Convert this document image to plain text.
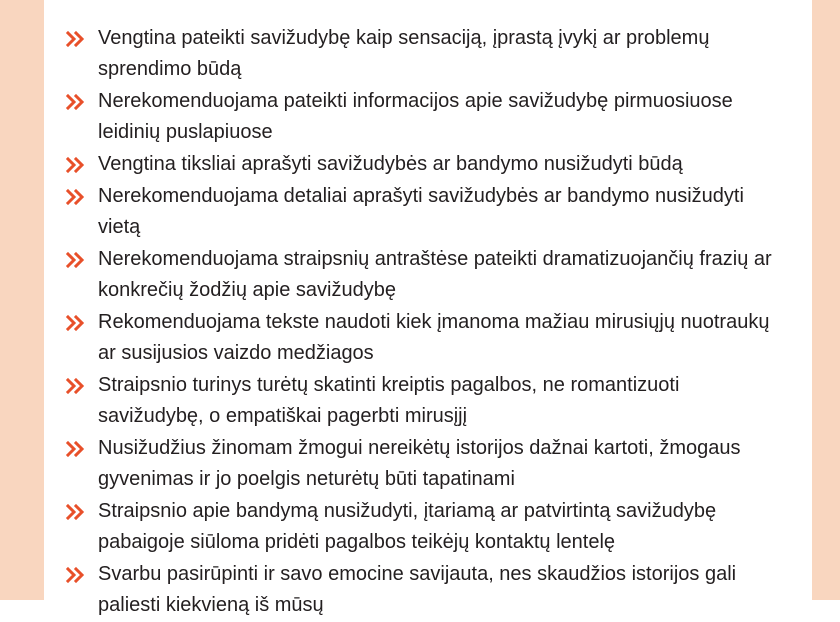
Vengtina pateikti savižudybę kaip sensaciją, įprastą įvykį ar problemų sprendimo būdą
Nerekomenduojama pateikti informacijos apie savižudybę pirmuosiuose leidinių puslapiuose
Vengtina tiksliai aprašyti savižudybės ar bandymo nusižudyti būdą
Nerekomenduojama detaliai aprašyti savižudybės ar bandymo nusižudyti vietą
Nerekomenduojama straipsnių antraštėse pateikti dramatizuojančių frazių ar konkrečių žodžių apie savižudybę
Rekomenduojama tekste naudoti kiek įmanoma mažiau mirusiųjų nuotraukų ar susijusios vaizdo medžiagos
Straipsnio turinys turėtų skatinti kreiptis pagalbos, ne romantizuoti savižudybę, o empatiškai pagerbti mirusįjį
Nusižudžius žinomam žmogui nereikėtų istorijos dažnai kartoti, žmogaus gyvenimas ir jo poelgis neturėtų būti tapatinami
Straipsnio apie bandymą nusižudyti, įtariamą ar patvirtintą savižudybę pabaigoje siūloma pridėti pagalbos teikėjų kontaktų lentelę
Svarbu pasirūpinti ir savo emocine savijauta, nes skaudžios istorijos gali paliesti kiekvieną iš mūsų
